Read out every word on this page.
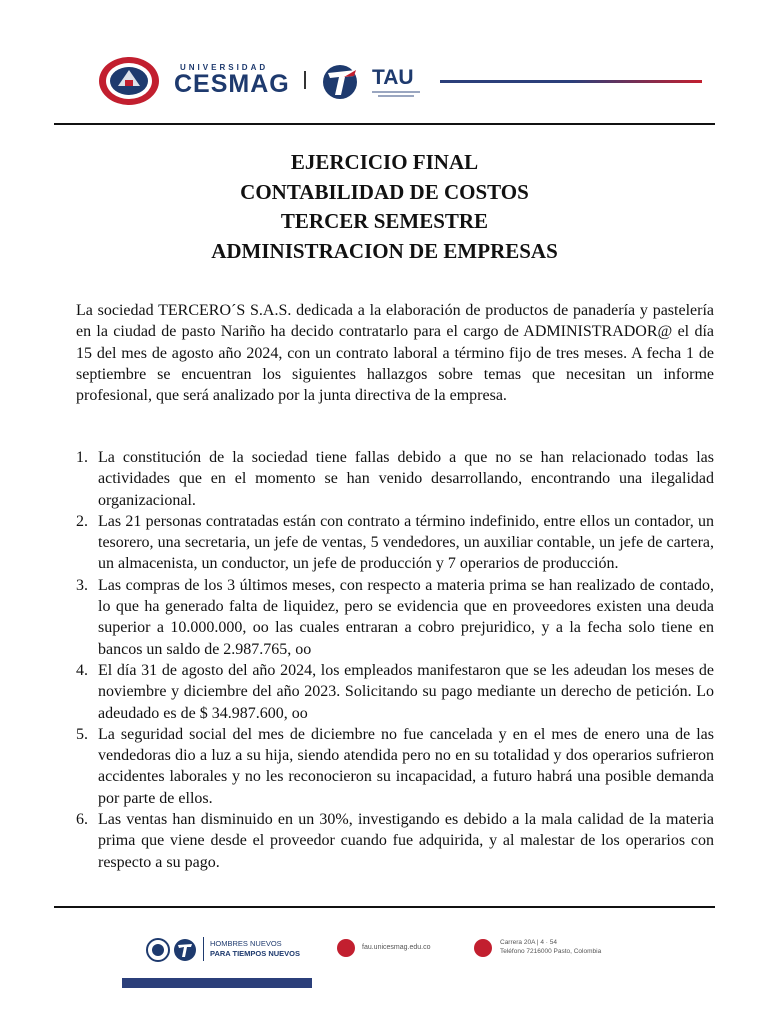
UNIVERSIDAD
CESMAG	TAU
EJERCICIO FINAL
CONTABILIDAD DE COSTOS
TERCER SEMESTRE
ADMINISTRACION DE EMPRESAS

La sociedad TERCERO´S S.A.S. dedicada a la elaboración de productos de panadería y pastelería en la ciudad de pasto Nariño ha decido contratarlo para el cargo de ADMINISTRADOR@ el día 15 del mes de agosto año 2024, con un contrato laboral a término fijo de tres meses. A fecha 1 de septiembre se encuentran los siguientes hallazgos sobre temas que necesitan un informe profesional, que será analizado por la junta directiva de la empresa.

1. La constitución de la sociedad tiene fallas debido a que no se han relacionado todas las actividades que en el momento se han venido desarrollando, encontrando una ilegalidad organizacional.
2. Las 21 personas contratadas están con contrato a término indefinido, entre ellos un contador, un tesorero, una secretaria, un jefe de ventas, 5 vendedores, un auxiliar contable, un jefe de cartera, un almacenista, un conductor, un jefe de producción y 7 operarios de producción.
3. Las compras de los 3 últimos meses, con respecto a materia prima se han realizado de contado, lo que ha generado falta de liquidez, pero se evidencia que en proveedores existen una deuda superior a 10.000.000, oo las cuales entraran a cobro prejuridico, y a la fecha solo tiene en bancos un saldo de 2.987.765, oo
4. El día 31 de agosto del año 2024, los empleados manifestaron que se les adeudan los meses de noviembre y diciembre del año 2023. Solicitando su pago mediante un derecho de petición. Lo adeudado es de $ 34.987.600, oo
5. La seguridad social del mes de diciembre no fue cancelada y en el mes de enero una de las vendedoras dio a luz a su hija, siendo atendida pero no en su totalidad y dos operarios sufrieron accidentes laborales y no les reconocieron su incapacidad, a futuro habrá una posible demanda por parte de ellos.
6. Las ventas han disminuido en un 30%, investigando es debido a la mala calidad de la materia prima que viene desde el proveedor cuando fue adquirida, y al malestar de los operarios con respecto a su pago.
HOMBRES NUEVOS
PARA TIEMPOS NUEVOS
fau.unicesmag.edu.co
Carrera 20A | 4 · 54
Teléfono 7216000 Pasto, Colombia
